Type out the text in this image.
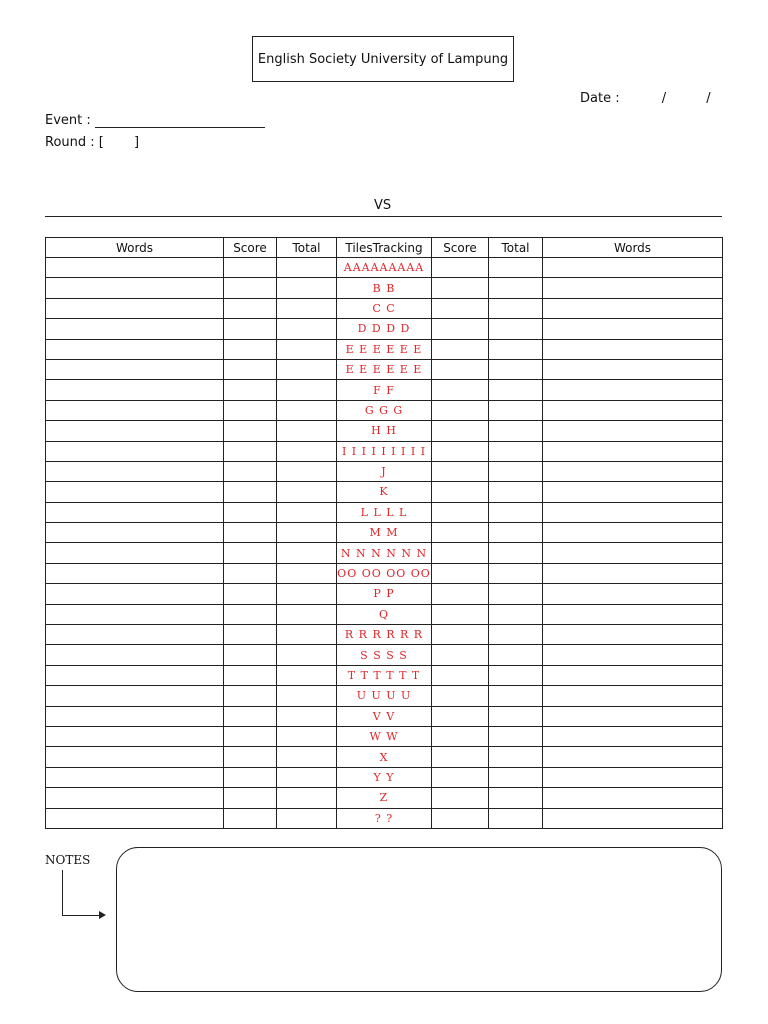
English Society University of Lampung
Date :	/	/
Event :
Round : [ ]
VS
Words	Score	Total	TilesTracking	Score	Total	Words
			AAAAAAAAA			
			B B			
			C C			
			D D D D			
			E E E E E E			
			E E E E E E			
			F F			
			G G G			
			H H			
			I I I I I I I I I			
			J			
			K			
			L L L L			
			M M			
			N N N N N N			
			OO OO OO OO			
			P P			
			Q			
			R R R R R R			
			S S S S			
			T T T T T T			
			U U U U			
			V V			
			W W			
			X			
			Y Y			
			Z			
			? ?			
NOTES
